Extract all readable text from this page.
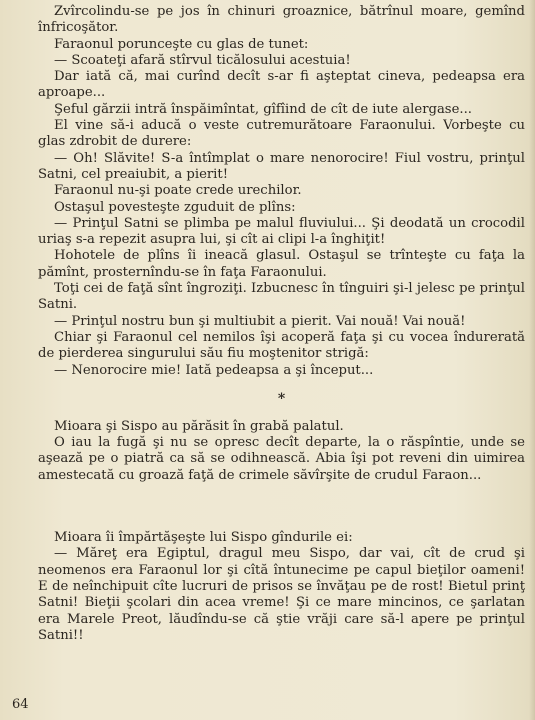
Zvîrcolindu-se pe jos în chinuri groaznice, bătrînul moare, gemînd înfricoşător.

Faraonul porunceşte cu glas de tunet:

— Scoateţi afară stîrvul ticălosului acestuia!

Dar iată că, mai curînd decît s-ar fi aşteptat cineva, pedeapsa era aproape...

Şeful gărzii intră înspăimîntat, gîfîind de cît de iute alergase...

El vine să-i aducă o veste cutremurătoare Faraonului. Vorbeşte cu glas zdrobit de durere:

— Oh! Slăvite! S-a întîmplat o mare nenorocire! Fiul vostru, prinţul Satni, cel preaiubit, a pierit!

Faraonul nu-şi poate crede urechilor.

Ostaşul povesteşte zguduit de plîns:

— Prinţul Satni se plimba pe malul fluviului... Şi deodată un crocodil uriaş s-a repezit asupra lui, şi cît ai clipi l-a înghiţit!

Hohotele de plîns îi ineacă glasul. Ostaşul se trînteşte cu faţa la pămînt, prosternîndu-se în faţa Faraonului.

Toţi cei de faţă sînt îngroziţi. Izbucnesc în tînguiri şi-l jelesc pe prinţul Satni.

— Prinţul nostru bun şi multiubit a pierit. Vai nouă! Vai nouă!

Chiar şi Faraonul cel nemilos îşi acoperă faţa şi cu vocea îndurerată de pierderea singurului său fiu moştenitor strigă:

— Nenorocire mie! Iată pedeapsa a şi început...

*

Mioara şi Sispo au părăsit în grabă palatul.

O iau la fugă şi nu se opresc decît departe, la o răspîntie, unde se aşează pe o piatră ca să se odihnească. Abia îşi pot reveni din uimirea amestecată cu groază faţă de crimele săvîrşite de crudul Faraon...

Mioara îi împărtăşeşte lui Sispo gîndurile ei:

— Măreţ era Egiptul, dragul meu Sispo, dar vai, cît de crud şi neomenos era Faraonul lor şi cîtă întunecime pe capul bieţilor oameni! E de neînchipuit cîte lucruri de prisos se învăţau pe de rost! Bietul prinţ Satni! Bieţii şcolari din acea vreme! Şi ce mare mincinos, ce şarlatan era Marele Preot, lăudîndu-se că ştie vrăji care să-l apere pe prinţul Satni!!

64
